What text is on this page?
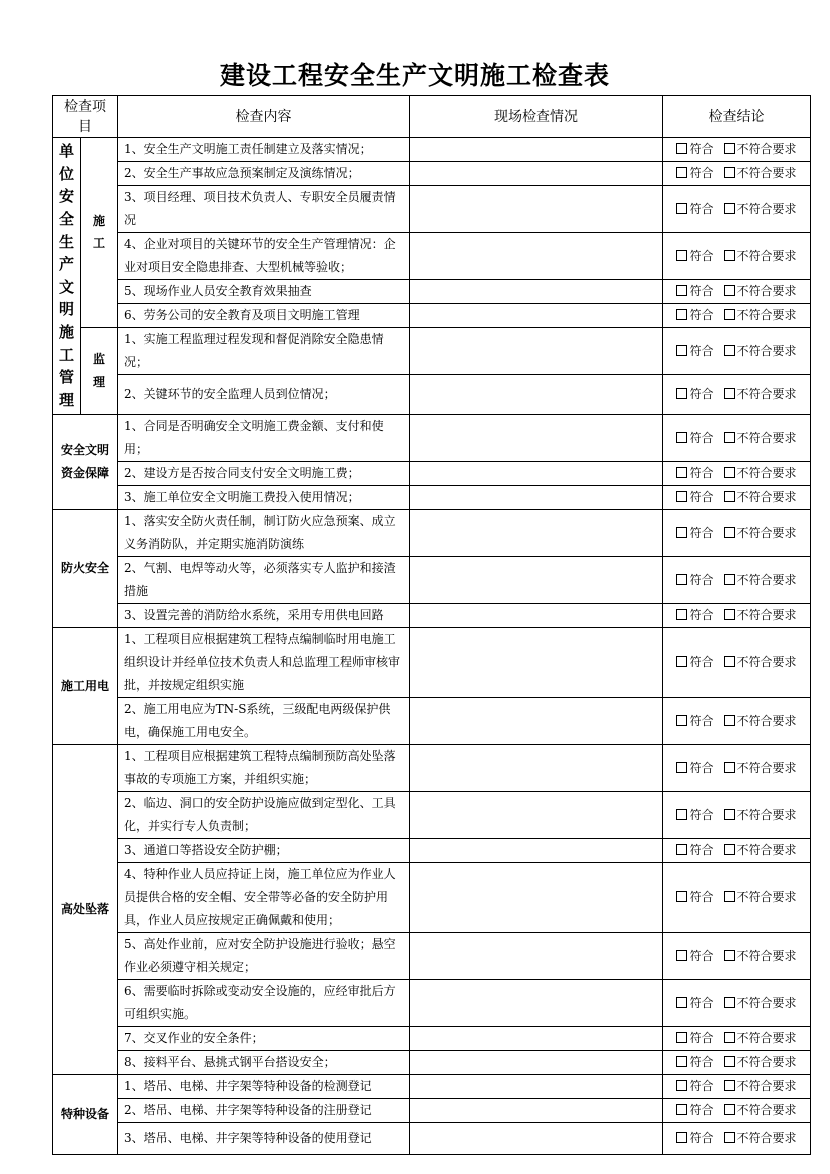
建设工程安全生产文明施工检查表
检查项目		检查内容	现场检查情况	检查结论
单位安全生产文明施工管理	施工	1、安全生产文明施工责任制建立及落实情况；		符合 不符合要求
		2、安全生产事故应急预案制定及演练情况；		符合 不符合要求
		3、项目经理、项目技术负责人、专职安全员履责情况		符合 不符合要求
		4、企业对项目的关键环节的安全生产管理情况：企业对项目安全隐患排查、大型机械等验收；		符合 不符合要求
		5、现场作业人员安全教育效果抽查		符合 不符合要求
		6、劳务公司的安全教育及项目文明施工管理		符合 不符合要求
	监理	1、实施工程监理过程发现和督促消除安全隐患情况；		符合 不符合要求
		2、关键环节的安全监理人员到位情况；		符合 不符合要求
安全文明资金保障		1、合同是否明确安全文明施工费金额、支付和使用；		符合 不符合要求
		2、建设方是否按合同支付安全文明施工费；		符合 不符合要求
		3、施工单位安全文明施工费投入使用情况；		符合 不符合要求
防火安全		1、落实安全防火责任制，制订防火应急预案、成立义务消防队，并定期实施消防演练		符合 不符合要求
		2、气割、电焊等动火等，必须落实专人监护和接渣措施		符合 不符合要求
		3、设置完善的消防给水系统，采用专用供电回路		符合 不符合要求
施工用电		1、工程项目应根据建筑工程特点编制临时用电施工组织设计并经单位技术负责人和总监理工程师审核审批，并按规定组织实施		符合 不符合要求
		2、施工用电应为TN-S系统，三级配电两级保护供电，确保施工用电安全。		符合 不符合要求
高处坠落		1、工程项目应根据建筑工程特点编制预防高处坠落事故的专项施工方案，并组织实施；		符合 不符合要求
		2、临边、洞口的安全防护设施应做到定型化、工具化，并实行专人负责制；		符合 不符合要求
		3、通道口等搭设安全防护棚；		符合 不符合要求
		4、特种作业人员应持证上岗，施工单位应为作业人员提供合格的安全帽、安全带等必备的安全防护用具，作业人员应按规定正确佩戴和使用；		符合 不符合要求
		5、高处作业前，应对安全防护设施进行验收；悬空作业必须遵守相关规定；		符合 不符合要求
		6、需要临时拆除或变动安全设施的，应经审批后方可组织实施。		符合 不符合要求
		7、交叉作业的安全条件；		符合 不符合要求
		8、接料平台、悬挑式钢平台搭设安全；		符合 不符合要求
特种设备		1、塔吊、电梯、井字架等特种设备的检测登记		符合 不符合要求
		2、塔吊、电梯、井字架等特种设备的注册登记		符合 不符合要求
		3、塔吊、电梯、井字架等特种设备的使用登记		符合 不符合要求
